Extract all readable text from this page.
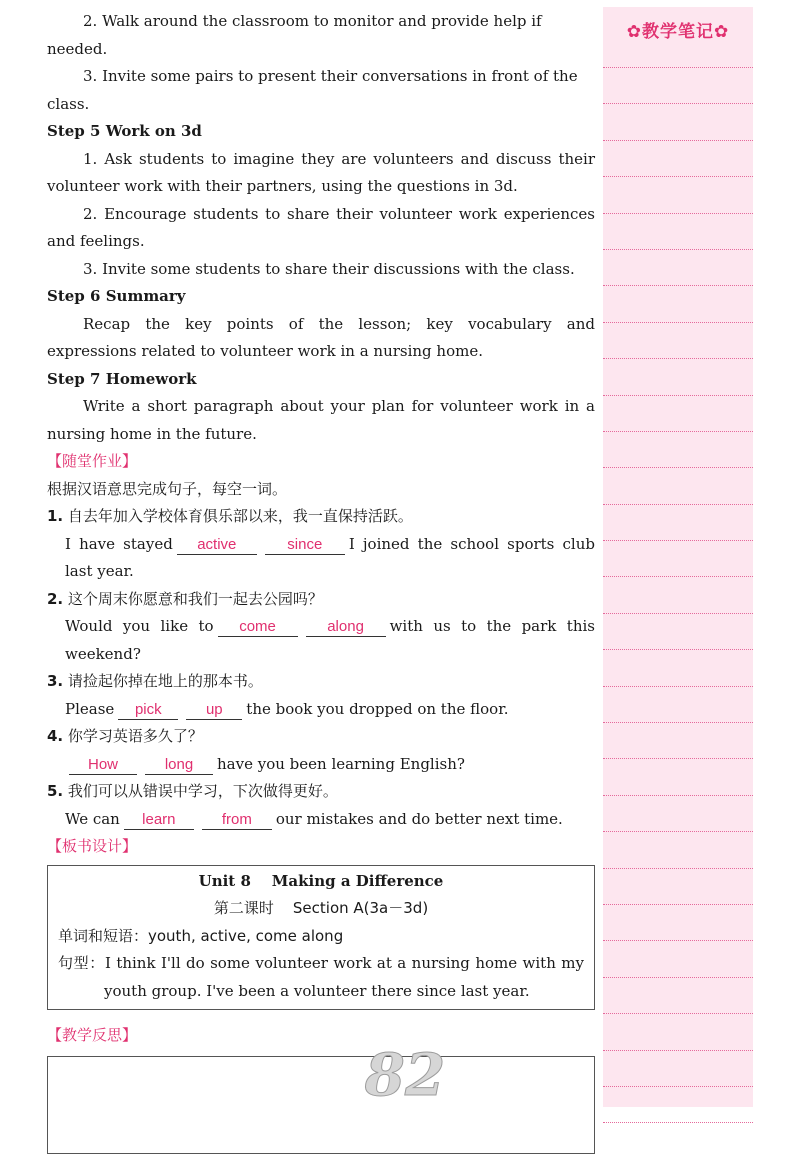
2. Walk around the classroom to monitor and provide help if needed.

3. Invite some pairs to present their conversations in front of the class.

Step 5 Work on 3d

1. Ask students to imagine they are volunteers and discuss their volunteer work with their partners, using the questions in 3d.

2. Encourage students to share their volunteer work experiences and feelings.

3. Invite some students to share their discussions with the class.

Step 6 Summary

Recap the key points of the lesson; key vocabulary and expressions related to volunteer work in a nursing home.

Step 7 Homework

Write a short paragraph about your plan for volunteer work in a nursing home in the future.

【随堂作业】

根据汉语意思完成句子，每空一词。

1. 自去年加入学校体育俱乐部以来，我一直保持活跃。

I have stayed active	since I joined the school sports club last year.

2. 这个周末你愿意和我们一起去公园吗？

Would you like to come	along with us to the park this weekend?

3. 请捡起你掉在地上的那本书。

Please pick	up the book you dropped on the floor.

4. 你学习英语多久了？

How	long have you been learning English?

5. 我们可以从错误中学习，下次做得更好。

We can learn	from our mistakes and do better next time.

【板书设计】

Unit 8    Making a Difference
第二课时    Section A(3a－3d)
单词和短语：youth, active, come along
句型：I think I'll do some volunteer work at a nursing home with my youth group. I've been a volunteer there since last year.

【教学反思】

✿教学笔记✿
82
